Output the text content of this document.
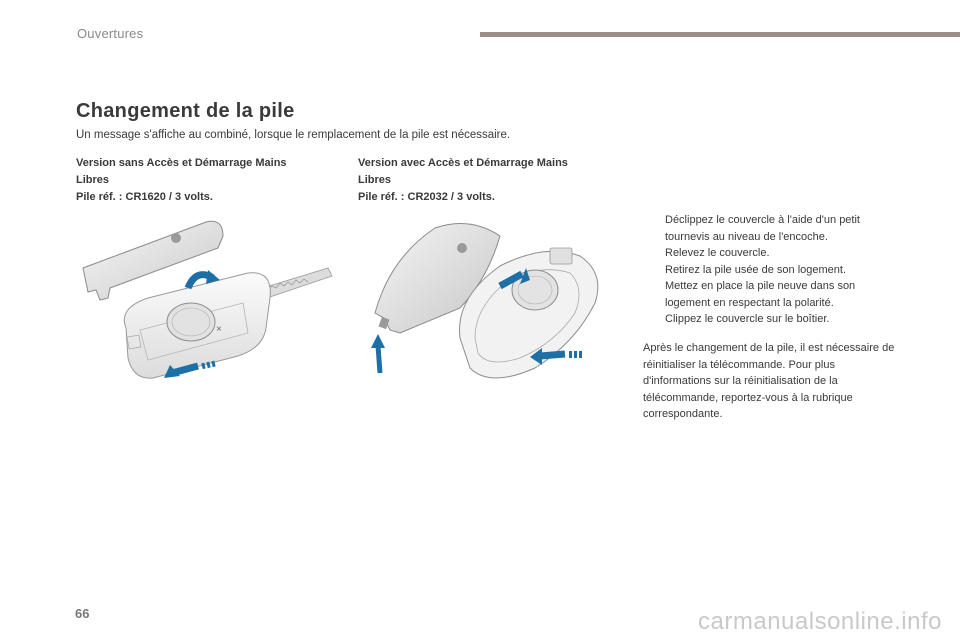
Ouvertures
Changement de la pile
Un message s'affiche au combiné, lorsque le remplacement de la pile est nécessaire.
Version sans Accès et Démarrage Mains
Libres
Pile réf. : CR1620 / 3 volts.
Version avec Accès et Démarrage Mains
Libres
Pile réf. : CR2032 / 3 volts.
×
Déclippez le couvercle à l'aide d'un petit tournevis au niveau de l'encoche.
Relevez le couvercle.
Retirez la pile usée de son logement.
Mettez en place la pile neuve dans son logement en respectant la polarité.
Clippez le couvercle sur le boîtier.
Après le changement de la pile, il est nécessaire de réinitialiser la télécommande. Pour plus d'informations sur la réinitialisation de la télécommande, reportez-vous à la rubrique correspondante.
66	carmanualsonline.info
